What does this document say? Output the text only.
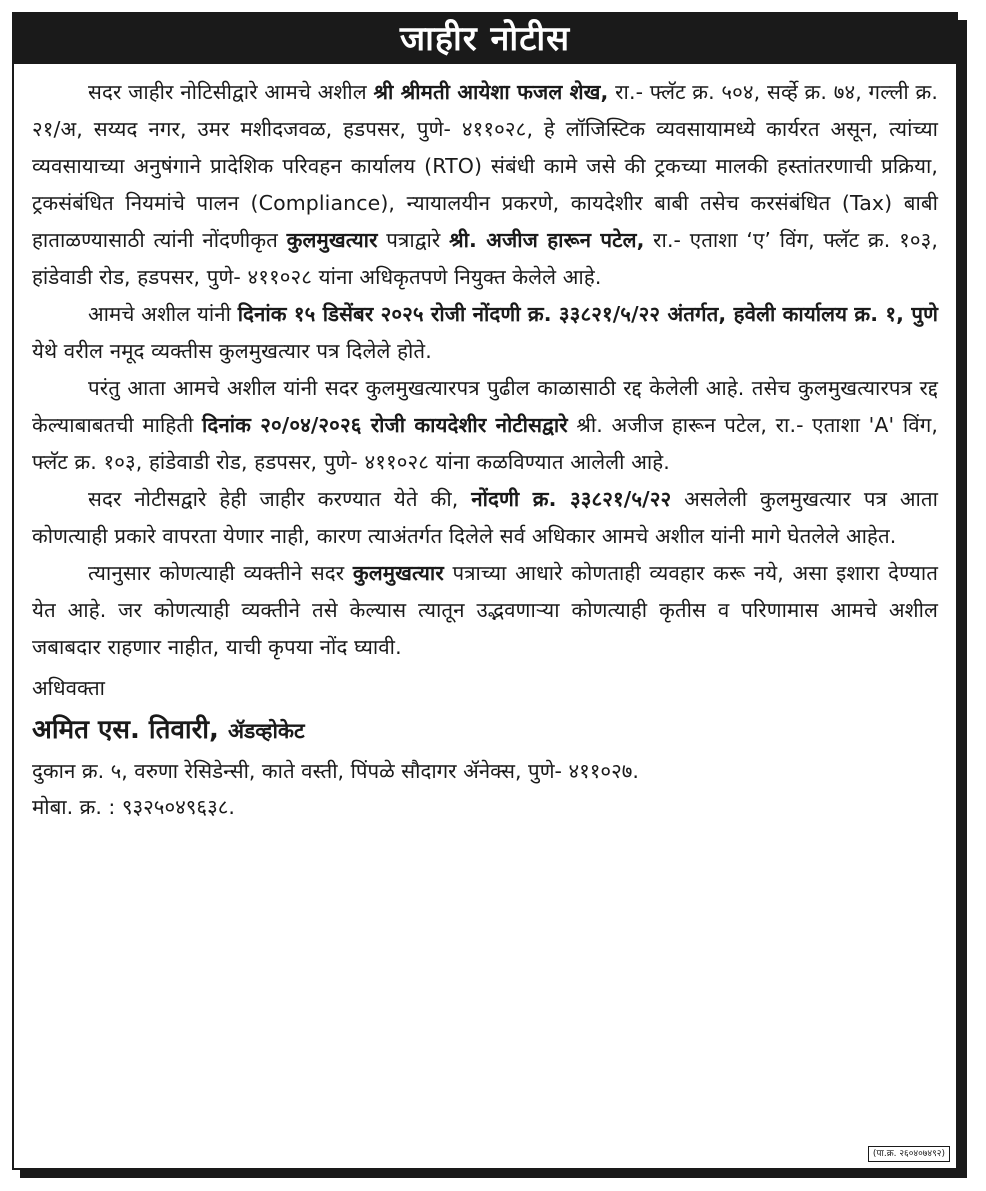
जाहीर नोटीस

सदर जाहीर नोटिसीद्वारे आमचे अशील श्री श्रीमती आयेशा फजल शेख, रा.- फ्लॅट क्र. ५०४, सर्व्हे क्र. ७४, गल्ली क्र. २१/अ, सय्यद नगर, उमर मशीदजवळ, हडपसर, पुणे- ४११०२८, हे लॉजिस्टिक व्यवसायामध्ये कार्यरत असून, त्यांच्या व्यवसायाच्या अनुषंगाने प्रादेशिक परिवहन कार्यालय (RTO) संबंधी कामे जसे की ट्रकच्या मालकी हस्तांतरणाची प्रक्रिया, ट्रकसंबंधित नियमांचे पालन (Compliance), न्यायालयीन प्रकरणे, कायदेशीर बाबी तसेच करसंबंधित (Tax) बाबी हाताळण्यासाठी त्यांनी नोंदणीकृत कुलमुखत्यार पत्राद्वारे श्री. अजीज हारून पटेल, रा.- एताशा ‘ए’ विंग, फ्लॅट क्र. १०३, हांडेवाडी रोड, हडपसर, पुणे- ४११०२८ यांना अधिकृतपणे नियुक्त केलेले आहे.

आमचे अशील यांनी दिनांक १५ डिसेंबर २०२५ रोजी नोंदणी क्र. ३३८२१/५/२२ अंतर्गत, हवेली कार्यालय क्र. १, पुणे येथे वरील नमूद व्यक्तीस कुलमुखत्यार पत्र दिलेले होते.

परंतु आता आमचे अशील यांनी सदर कुलमुखत्यारपत्र पुढील काळासाठी रद्द केलेली आहे. तसेच कुलमुखत्यारपत्र रद्द केल्याबाबतची माहिती दिनांक २०/०४/२०२६ रोजी कायदेशीर नोटीसद्वारे श्री. अजीज हारून पटेल, रा.- एताशा 'A' विंग, फ्लॅट क्र. १०३, हांडेवाडी रोड, हडपसर, पुणे- ४११०२८ यांना कळविण्यात आलेली आहे.

सदर नोटीसद्वारे हेही जाहीर करण्यात येते की, नोंदणी क्र. ३३८२१/५/२२ असलेली कुलमुखत्यार पत्र आता कोणत्याही प्रकारे वापरता येणार नाही, कारण त्याअंतर्गत दिलेले सर्व अधिकार आमचे अशील यांनी मागे घेतलेले आहेत.

त्यानुसार कोणत्याही व्यक्तीने सदर कुलमुखत्यार पत्राच्या आधारे कोणताही व्यवहार करू नये, असा इशारा देण्यात येत आहे. जर कोणत्याही व्यक्तीने तसे केल्यास त्यातून उद्भवणाऱ्या कोणत्याही कृतीस व परिणामास आमचे अशील जबाबदार राहणार नाहीत, याची कृपया नोंद घ्यावी.

अधिवक्ता

अमित एस. तिवारी, ॲडव्होकेट

दुकान क्र. ५, वरुणा रेसिडेन्सी, काते वस्ती, पिंपळे सौदागर ॲनेक्स, पुणे- ४११०२७.

मोबा. क्र. : ९३२५०४९६३८.

(पा.क्र. २६०४०७४९२)
